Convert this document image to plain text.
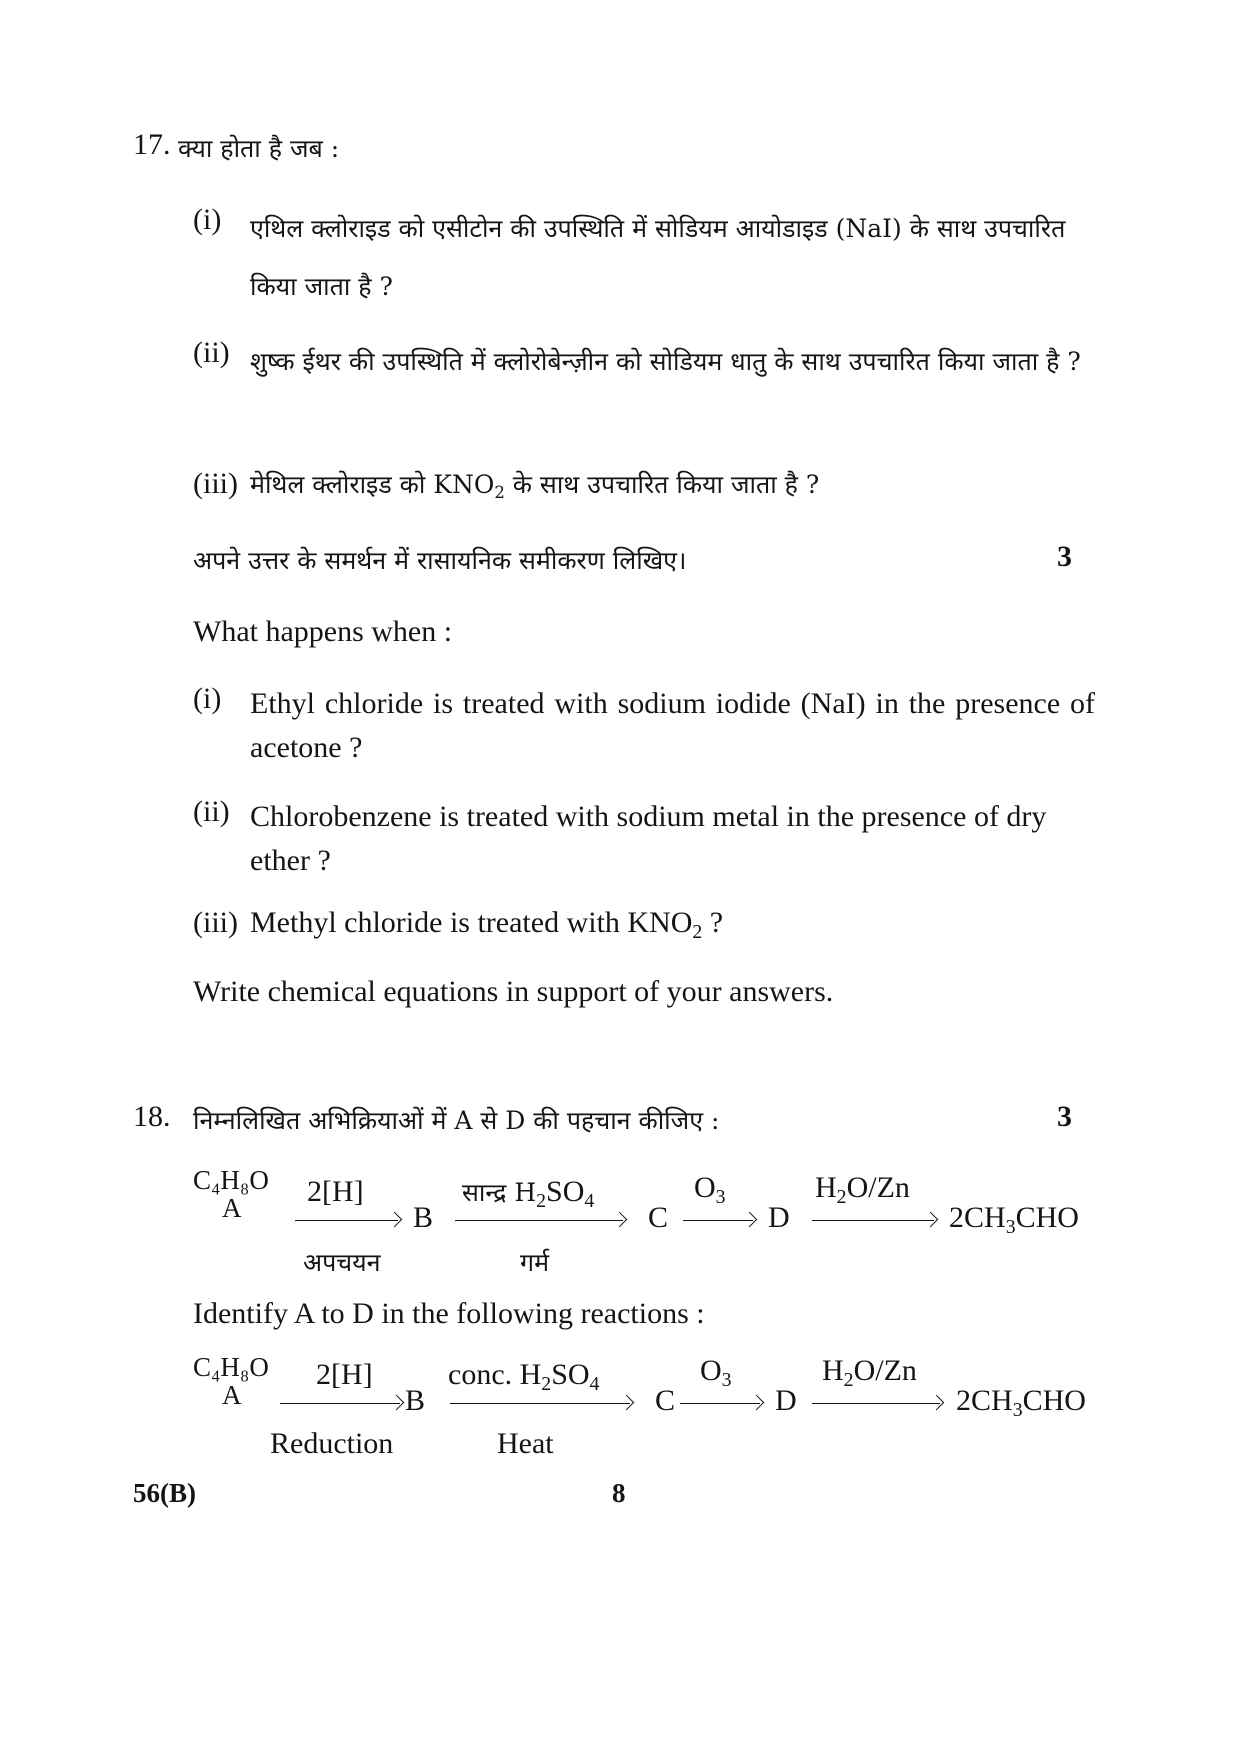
17. क्या होता है जब :
(i) एथिल क्लोराइड को एसीटोन की उपस्थिति में सोडियम आयोडाइड (NaI) के साथ उपचारित किया जाता है ?
(ii) शुष्क ईथर की उपस्थिति में क्लोरोबेन्ज़ीन को सोडियम धातु के साथ उपचारित किया जाता है ?
(iii) मेथिल क्लोराइड को $KNO_2$ के साथ उपचारित किया जाता है ?
अपने उत्तर के समर्थन में रासायनिक समीकरण लिखिए।	3
What happens when :
(i) Ethyl chloride is treated with sodium iodide (NaI) in the presence of acetone ?
(ii) Chlorobenzene is treated with sodium metal in the presence of dry ether ?
(iii) Methyl chloride is treated with $KNO_2$ ?
Write chemical equations in support of your answers.
18. निम्नलिखित अभिक्रियाओं में A से D की पहचान कीजिए :	3
C₄H₈O
A 2[H]
अपचयन
B
सान्द्र $H_2SO_4$
गर्म
C
$O_3$
D
$H_2O/Zn$
$2CH_3CHO$
Identify A to D in the following reactions :
C₄H₈O
A
2[H]
Reduction
B
conc. $H_2SO_4$
Heat
C
$O_3$
D
$H_2O/Zn$
$2CH_3CHO$
56(B)	8
